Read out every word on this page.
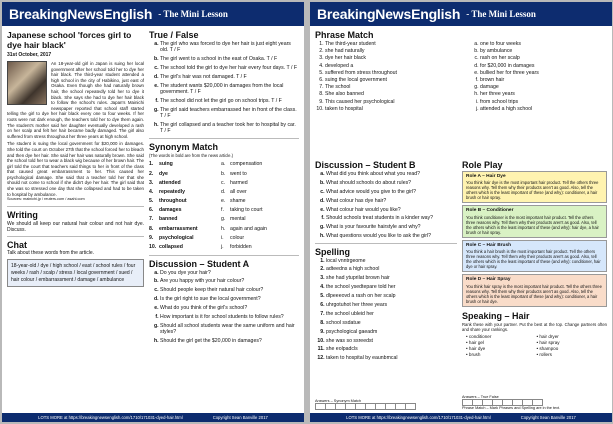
BreakingNewsEnglish - The Mini Lesson
Japanese school 'forces girl to dye hair black'
31st October, 2017

An 18-year-old girl in Japan is suing her local government after her school told her to dye her hair black. The third-year student attended a high school in the city of Habikino, just east of Osaka. Even though she had naturally brown hair, the school repeatedly told her to dye it black. She says she had to dye her hair black to follow the school's rules. Japan's Mainichi newspaper reported that school staff started telling the girl to dye her hair black every one to four weeks. If her roots were not dark enough, the teachers told her to dye them again. The student's mother said her daughter eventually developed a rash on her scalp and felt her hair became badly damaged. The girl also suffered from stress throughout her three years at high school.

The student is suing the local government for $20,000 in damages. She told the court on October 27th that the school forced her to bleach and then dye her hair. She said her hair was naturally brown. She said the school told her to wear a black wig because of her brown hair. The girl told the court that teachers said things to her in front of the class that caused great embarrassment to her. This caused her psychological damage. She said that a teacher told her that she should not come to school if she didn't dye her hair. The girl said that she was so stressed one day that she collapsed and had to be taken to hospital by ambulance.

Sources: mainichi.jp / reuters.com / asahi.com

Writing

We should all keep our natural hair colour and not hair dye. Discuss.

Chat

Talk about these words from the article.

18-year-old / dye / high school / east / school rules / four weeks / rash / scalp / stress / local government / sued / hair colour / embarrassment / damage / ambulance
True / False
a. The girl who was forced to dye her hair is just eight years old. T / F
b. The girl went to a school in the east of Osaka. T / F
c. The school told the girl to dye her hair every four days. T / F
d. The girl's hair was not damaged. T / F
e. The student wants $20,000 in damages from the local government. T / F
f. The school did not let the girl go on school trips. T / F
g. The girl said teachers embarrassed her in front of the class. T / F
h. The girl collapsed and a teacher took her to hospital by car. T / F
Synonym Match
(The words in bold are from the news article.)
1.	suing	a.	compensation
2.	dye	b.	went to
3.	attended	c.	harmed
4.	repeatedly	d.	all over
5.	throughout	e.	shame
6.	damages	f.	taking to court
7.	banned	g.	mental
8.	embarrassment	h.	again and again
9.	psychological	i.	colour
10.	collapsed	j.	forbidden
Discussion – Student A
a. Do you dye your hair?
b. Are you happy with your hair colour?
c. Should people keep their natural hair colour?
d. Is the girl right to sue the local government?
e. What do you think of the girl's school?
f. How important is it for school students to follow rules?
g. Should all school students wear the same uniform and hair styles?
h. Should the girl get the $20,000 in damages?
LOTS MORE at https://breakingnewsenglish.com/1710/171031-dyed-hair.html	Copyright Sean Banville 2017
BreakingNewsEnglish - The Mini Lesson
Phrase Match
1. The third-year student
2. she had naturally
3. dye her hair black
4. developed a
5. suffered from stress throughout
6. suing the local government
7. The school
8. She also banned
9. This caused her psychological
10. taken to hospital
a. one to four weeks
b. by ambulance
c. rash on her scalp
d. for $20,000 in damages
e. bullied her for three years
f. brown hair
g. damage
h. her three years
i. from school trips
j. attended a high school
Discussion – Student B
a. What did you think about what you read?
b. What should schools do about rules?
c. What advice would you give to the girl?
d. What colour has dye hair?
e. What colour hair would you like?
f. Should schools treat students in a kinder way?
g. What is your favourite hairstyle and why?
h. What questions would you like to ask the girl?
Spelling
1. local vnntrgeome
2. adteedns a high school
3. she had ytuprilat brown hair
4. the school ysedtepare told her
5. dlpeeeovd a rash on her scalp
6. uhrgotuhot her three years
7. the school ubleid her
8. school ssdatue
9. psychological gaeadm
10. she was so ssreedst
11. she eolpadcls
12. taken to hospital by eaunbmcal
Role Play
Role A – Hair Dye
You think hair dye is the most important hair product. Tell the others three reasons why. Tell them why their products aren't as good. Also, tell the others which is the least important of these (and why): conditioner, a hair brush or hair spray.
Role B – Conditioner
You think conditioner is the most important hair product. Tell the others three reasons why. Tell them why their products aren't as good. Also, tell the others which is the least important of these (and why): hair dye, a hair brush or hair spray.
Role C – Hair Brush
You think a hair brush is the most important hair product. Tell the others three reasons why. Tell them why their products aren't as good. Also, tell the others which is the least important of these (and why): conditioner, hair dye or hair spray.
Role D – Hair Spray
You think hair spray is the most important hair product. Tell the others three reasons why. Tell them why their products aren't as good. Also, tell the others which is the least important of these (and why): conditioner, a hair brush or hair dye.
Speaking – Hair

Rank these with your partner. Put the best at the top. Change partners often and share your rankings.

• conditioner	• hair dryer
• hair gel	• hair spray
• hair dye	• shampoo
• brush	• rollers
Answers – Synonym Match

Answers – True False

Phrase Match – Mark Phrases and Spelling are in the text.
LOTS MORE at https://breakingnewsenglish.com/1710/171031-dyed-hair.html	Copyright Sean Banville 2017
